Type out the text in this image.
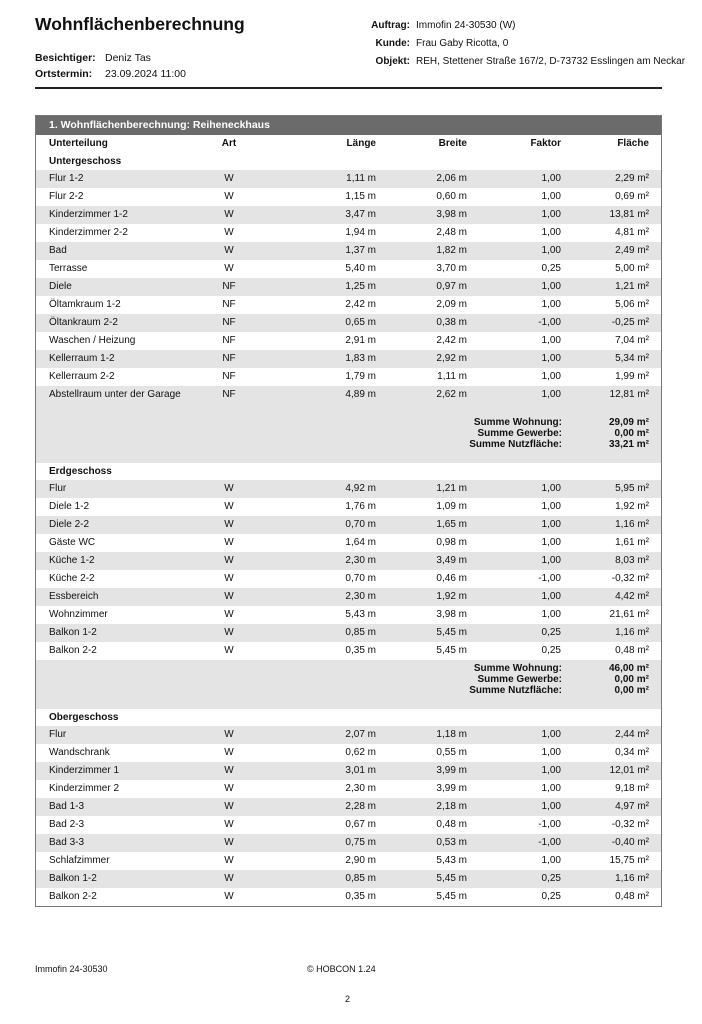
Wohnflächenberechnung
Besichtiger: Deniz Tas
Ortstermin: 23.09.2024 11:00
Auftrag: Immofin 24-30530 (W)
Kunde: Frau Gaby Ricotta, 0
Objekt: REH, Stettener Straße 167/2, D-73732 Esslingen am Neckar
1. Wohnflächenberechnung: Reiheneckhaus
Unterteilung	Art	Länge	Breite	Faktor	Fläche
Untergeschoss
Flur 1-2	W	1,11 m	2,06 m	1,00	2,29 m²
Flur 2-2	W	1,15 m	0,60 m	1,00	0,69 m²
Kinderzimmer 1-2	W	3,47 m	3,98 m	1,00	13,81 m²
Kinderzimmer 2-2	W	1,94 m	2,48 m	1,00	4,81 m²
Bad	W	1,37 m	1,82 m	1,00	2,49 m²
Terrasse	W	5,40 m	3,70 m	0,25	5,00 m²
Diele	NF	1,25 m	0,97 m	1,00	1,21 m²
Öltamkraum 1-2	NF	2,42 m	2,09 m	1,00	5,06 m²
Öltankraum 2-2	NF	0,65 m	0,38 m	-1,00	-0,25 m²
Waschen / Heizung	NF	2,91 m	2,42 m	1,00	7,04 m²
Kellerraum 1-2	NF	1,83 m	2,92 m	1,00	5,34 m²
Kellerraum 2-2	NF	1,79 m	1,11 m	1,00	1,99 m²
Abstellraum unter der Garage	NF	4,89 m	2,62 m	1,00	12,81 m²
Summe Wohnung:	29,09 m²
Summe Gewerbe:	0,00 m²
Summe Nutzfläche:	33,21 m²
Erdgeschoss
Flur	W	4,92 m	1,21 m	1,00	5,95 m²
Diele 1-2	W	1,76 m	1,09 m	1,00	1,92 m²
Diele 2-2	W	0,70 m	1,65 m	1,00	1,16 m²
Gäste WC	W	1,64 m	0,98 m	1,00	1,61 m²
Küche 1-2	W	2,30 m	3,49 m	1,00	8,03 m²
Küche 2-2	W	0,70 m	0,46 m	-1,00	-0,32 m²
Essbereich	W	2,30 m	1,92 m	1,00	4,42 m²
Wohnzimmer	W	5,43 m	3,98 m	1,00	21,61 m²
Balkon 1-2	W	0,85 m	5,45 m	0,25	1,16 m²
Balkon 2-2	W	0,35 m	5,45 m	0,25	0,48 m²
Summe Wohnung:	46,00 m²
Summe Gewerbe:	0,00 m²
Summe Nutzfläche:	0,00 m²
Obergeschoss
Flur	W	2,07 m	1,18 m	1,00	2,44 m²
Wandschrank	W	0,62 m	0,55 m	1,00	0,34 m²
Kinderzimmer 1	W	3,01 m	3,99 m	1,00	12,01 m²
Kinderzimmer 2	W	2,30 m	3,99 m	1,00	9,18 m²
Bad 1-3	W	2,28 m	2,18 m	1,00	4,97 m²
Bad 2-3	W	0,67 m	0,48 m	-1,00	-0,32 m²
Bad 3-3	W	0,75 m	0,53 m	-1,00	-0,40 m²
Schlafzimmer	W	2,90 m	5,43 m	1,00	15,75 m²
Balkon 1-2	W	0,85 m	5,45 m	0,25	1,16 m²
Balkon 2-2	W	0,35 m	5,45 m	0,25	0,48 m²
Immofin 24-30530	© HOBCON 1.24
2
